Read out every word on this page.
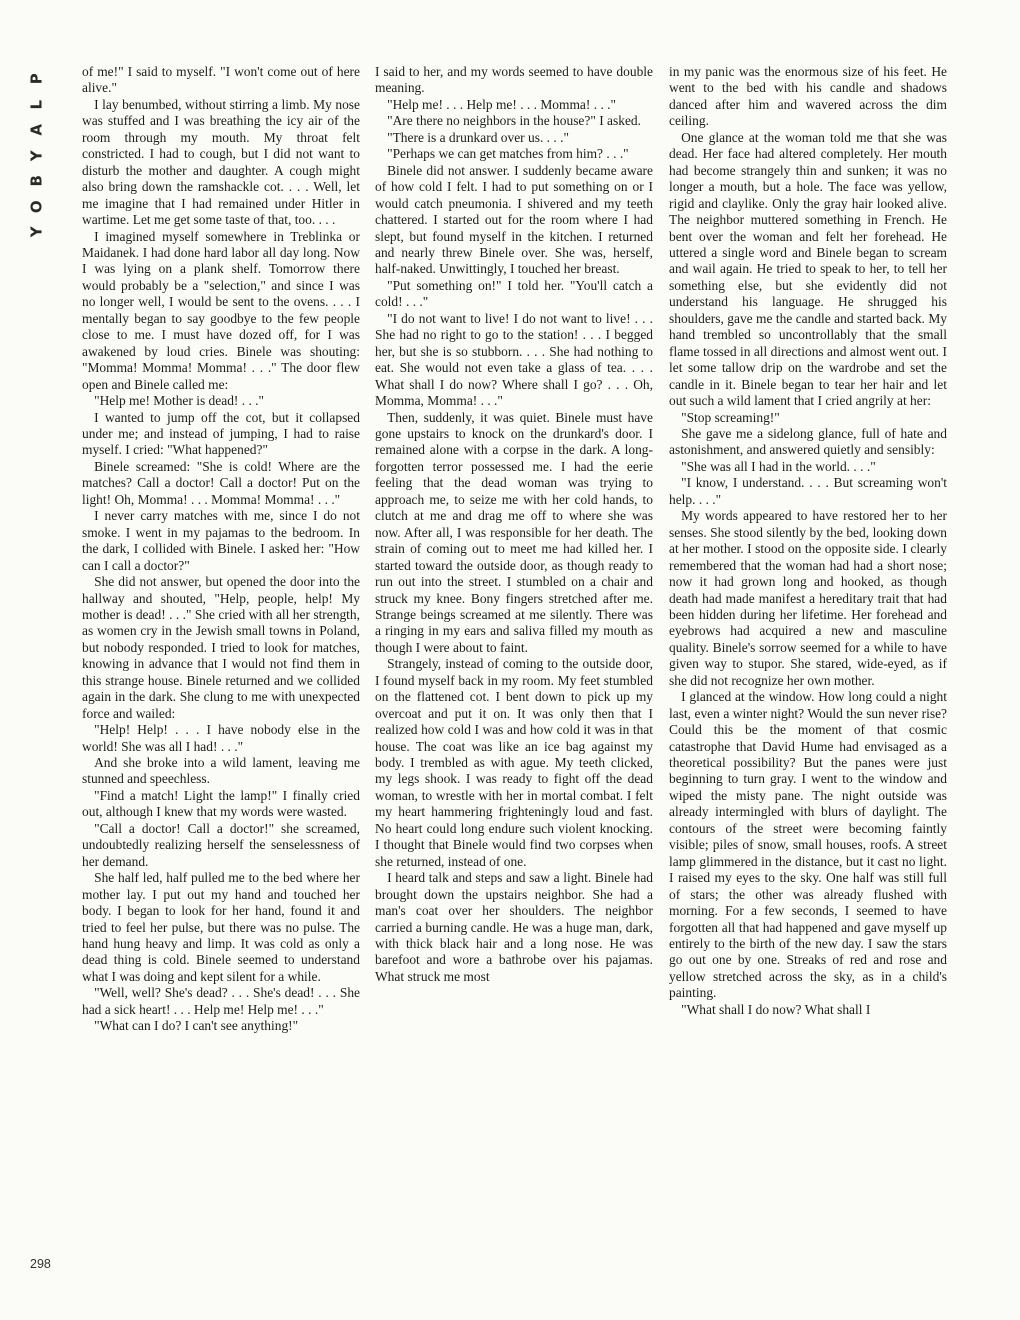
P
L
A
Y
B
O
Y
298

of me!" I said to myself. "I won't come out of here alive."

I lay benumbed, without stirring a limb. My nose was stuffed and I was breathing the icy air of the room through my mouth. My throat felt constricted. I had to cough, but I did not want to disturb the mother and daughter. A cough might also bring down the ramshackle cot. . . . Well, let me imagine that I had remained under Hitler in wartime. Let me get some taste of that, too. . . .

I imagined myself somewhere in Treblinka or Maidanek. I had done hard labor all day long. Now I was lying on a plank shelf. Tomorrow there would probably be a "selection," and since I was no longer well, I would be sent to the ovens. . . . I mentally began to say goodbye to the few people close to me. I must have dozed off, for I was awakened by loud cries. Binele was shouting: "Momma! Momma! Momma! . . ." The door flew open and Binele called me:

"Help me! Mother is dead! . . ."

I wanted to jump off the cot, but it collapsed under me; and instead of jumping, I had to raise myself. I cried: "What happened?"

Binele screamed: "She is cold! Where are the matches? Call a doctor! Call a doctor! Put on the light! Oh, Momma! . . . Momma! Momma! . . ."

I never carry matches with me, since I do not smoke. I went in my pajamas to the bedroom. In the dark, I collided with Binele. I asked her: "How can I call a doctor?"

She did not answer, but opened the door into the hallway and shouted, "Help, people, help! My mother is dead! . . ." She cried with all her strength, as women cry in the Jewish small towns in Poland, but nobody responded. I tried to look for matches, knowing in advance that I would not find them in this strange house. Binele returned and we collided again in the dark. She clung to me with unexpected force and wailed:

"Help! Help! . . . I have nobody else in the world! She was all I had! . . ."

And she broke into a wild lament, leaving me stunned and speechless.

"Find a match! Light the lamp!" I finally cried out, although I knew that my words were wasted.

"Call a doctor! Call a doctor!" she screamed, undoubtedly realizing herself the senselessness of her demand.

She half led, half pulled me to the bed where her mother lay. I put out my hand and touched her body. I began to look for her hand, found it and tried to feel her pulse, but there was no pulse. The hand hung heavy and limp. It was cold as only a dead thing is cold. Binele seemed to understand what I was doing and kept silent for a while.

"Well, well? She's dead? . . . She's dead! . . . She had a sick heart! . . . Help me! Help me! . . ."

"What can I do? I can't see anything!"

I said to her, and my words seemed to have double meaning.

"Help me! . . . Help me! . . . Momma! . . ."

"Are there no neighbors in the house?" I asked.

"There is a drunkard over us. . . ."

"Perhaps we can get matches from him? . . ."

Binele did not answer. I suddenly became aware of how cold I felt. I had to put something on or I would catch pneumonia. I shivered and my teeth chattered. I started out for the room where I had slept, but found myself in the kitchen. I returned and nearly threw Binele over. She was, herself, half-naked. Unwittingly, I touched her breast.

"Put something on!" I told her. "You'll catch a cold! . . ."

"I do not want to live! I do not want to live! . . . She had no right to go to the station! . . . I begged her, but she is so stubborn. . . . She had nothing to eat. She would not even take a glass of tea. . . . What shall I do now? Where shall I go? . . . Oh, Momma, Momma! . . ."

Then, suddenly, it was quiet. Binele must have gone upstairs to knock on the drunkard's door. I remained alone with a corpse in the dark. A long-forgotten terror possessed me. I had the eerie feeling that the dead woman was trying to approach me, to seize me with her cold hands, to clutch at me and drag me off to where she was now. After all, I was responsible for her death. The strain of coming out to meet me had killed her. I started toward the outside door, as though ready to run out into the street. I stumbled on a chair and struck my knee. Bony fingers stretched after me. Strange beings screamed at me silently. There was a ringing in my ears and saliva filled my mouth as though I were about to faint.

Strangely, instead of coming to the outside door, I found myself back in my room. My feet stumbled on the flattened cot. I bent down to pick up my overcoat and put it on. It was only then that I realized how cold I was and how cold it was in that house. The coat was like an ice bag against my body. I trembled as with ague. My teeth clicked, my legs shook. I was ready to fight off the dead woman, to wrestle with her in mortal combat. I felt my heart hammering frighteningly loud and fast. No heart could long endure such violent knocking. I thought that Binele would find two corpses when she returned, instead of one.

I heard talk and steps and saw a light. Binele had brought down the upstairs neighbor. She had a man's coat over her shoulders. The neighbor carried a burning candle. He was a huge man, dark, with thick black hair and a long nose. He was barefoot and wore a bathrobe over his pajamas. What struck me most

in my panic was the enormous size of his feet. He went to the bed with his candle and shadows danced after him and wavered across the dim ceiling.

One glance at the woman told me that she was dead. Her face had altered completely. Her mouth had become strangely thin and sunken; it was no longer a mouth, but a hole. The face was yellow, rigid and claylike. Only the gray hair looked alive. The neighbor muttered something in French. He bent over the woman and felt her forehead. He uttered a single word and Binele began to scream and wail again. He tried to speak to her, to tell her something else, but she evidently did not understand his language. He shrugged his shoulders, gave me the candle and started back. My hand trembled so uncontrollably that the small flame tossed in all directions and almost went out. I let some tallow drip on the wardrobe and set the candle in it. Binele began to tear her hair and let out such a wild lament that I cried angrily at her:

"Stop screaming!"

She gave me a sidelong glance, full of hate and astonishment, and answered quietly and sensibly:

"She was all I had in the world. . . ."

"I know, I understand. . . . But screaming won't help. . . ."

My words appeared to have restored her to her senses. She stood silently by the bed, looking down at her mother. I stood on the opposite side. I clearly remembered that the woman had had a short nose; now it had grown long and hooked, as though death had made manifest a hereditary trait that had been hidden during her lifetime. Her forehead and eyebrows had acquired a new and masculine quality. Binele's sorrow seemed for a while to have given way to stupor. She stared, wide-eyed, as if she did not recognize her own mother.

I glanced at the window. How long could a night last, even a winter night? Would the sun never rise? Could this be the moment of that cosmic catastrophe that David Hume had envisaged as a theoretical possibility? But the panes were just beginning to turn gray. I went to the window and wiped the misty pane. The night outside was already intermingled with blurs of daylight. The contours of the street were becoming faintly visible; piles of snow, small houses, roofs. A street lamp glimmered in the distance, but it cast no light. I raised my eyes to the sky. One half was still full of stars; the other was already flushed with morning. For a few seconds, I seemed to have forgotten all that had happened and gave myself up entirely to the birth of the new day. I saw the stars go out one by one. Streaks of red and rose and yellow stretched across the sky, as in a child's painting.

"What shall I do now? What shall I
